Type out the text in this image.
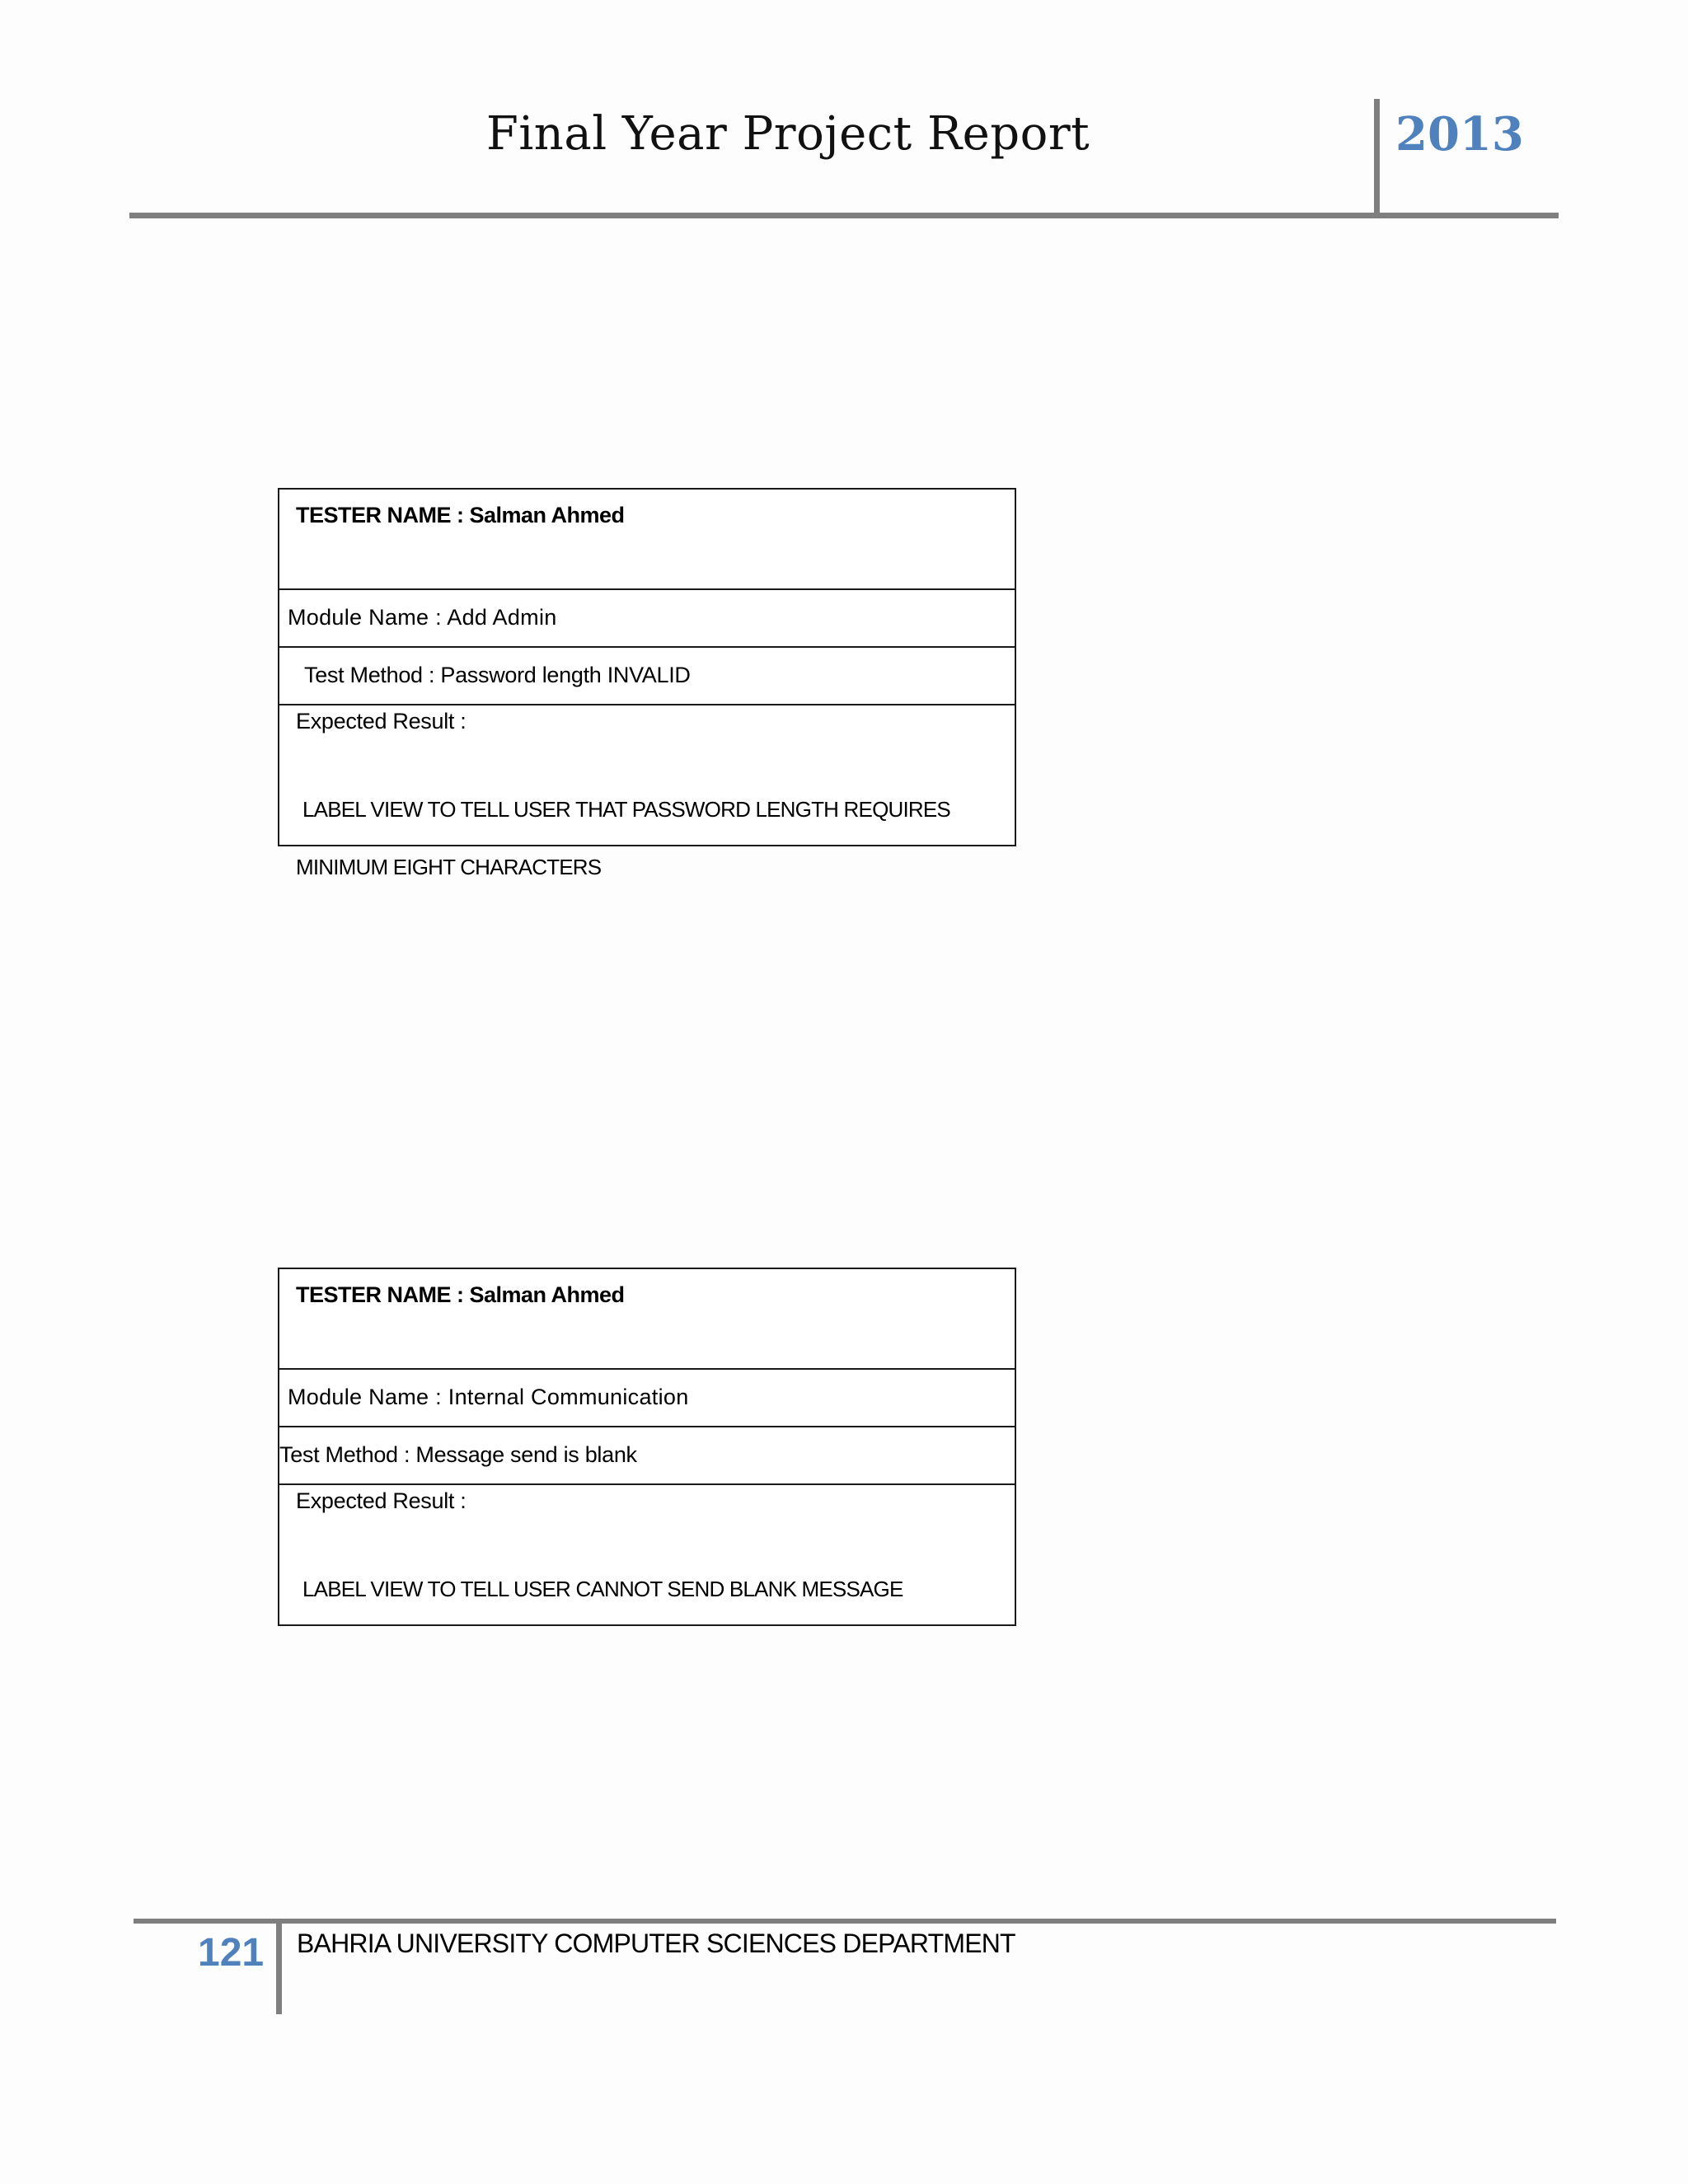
Final Year Project Report	2013
TESTER NAME : Salman Ahmed
Module Name : Add Admin
Test Method : Password length INVALID
Expected Result :

LABEL VIEW TO TELL USER THAT PASSWORD LENGTH REQUIRES

MINIMUM EIGHT CHARACTERS

TESTER NAME : Salman Ahmed
Module Name : Internal Communication
Test Method : Message send is blank
Expected Result :

LABEL VIEW TO TELL USER CANNOT SEND BLANK MESSAGE

121 BAHRIA UNIVERSITY COMPUTER SCIENCES DEPARTMENT
